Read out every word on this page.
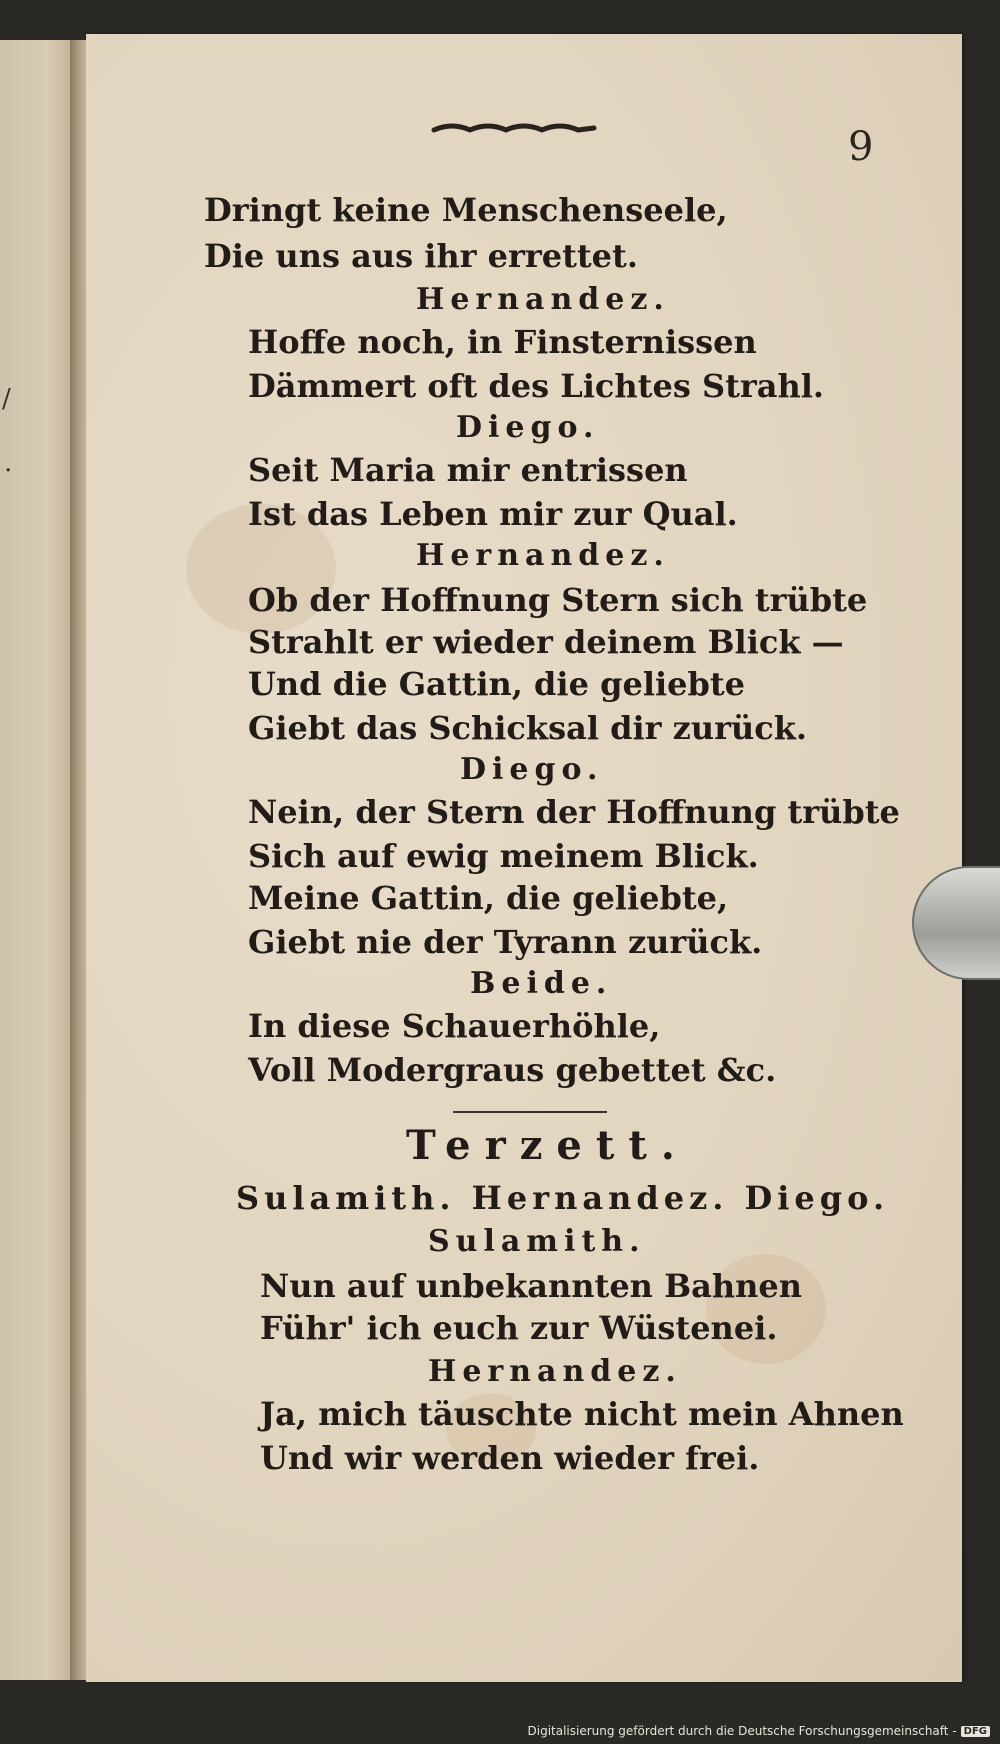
/
.
9
Dringt keine Menschenseele,
Die uns aus ihr errettet.
Hernandez.
Hoffe noch, in Finsternissen
Dämmert oft des Lichtes Strahl.
Diego.
Seit Maria mir entrissen
Ist das Leben mir zur Qual.
Hernandez.
Ob der Hoffnung Stern sich trübte
Strahlt er wieder deinem Blick —
Und die Gattin, die geliebte
Giebt das Schicksal dir zurück.
Diego.
Nein, der Stern der Hoffnung trübte
Sich auf ewig meinem Blick.
Meine Gattin, die geliebte,
Giebt nie der Tyrann zurück.
Beide.
In diese Schauerhöhle,
Voll Modergraus gebettet &c.
Terzett.
Sulamith. Hernandez. Diego.
Sulamith.
Nun auf unbekannten Bahnen
Führ' ich euch zur Wüstenei.
Hernandez.
Ja, mich täuschte nicht mein Ahnen
Und wir werden wieder frei.
Digitalisierung gefördert durch die Deutsche Forschungsgemeinschaft - DFG
